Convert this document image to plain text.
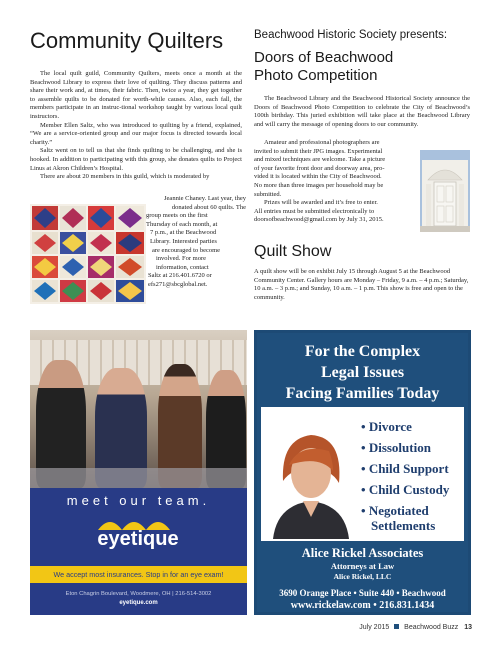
Community Quilters

The local quilt guild, Community Quilters, meets once a month at the Beachwood Library to express their love of quilting. They discuss patterns and share their work and, at times, their fabric. Then, twice a year, they get together to assemble quilts to be donated for worth-while causes. Also, each fall, the members participate in an instruc-tional workshop taught by various local quilt instructors.

Member Ellen Saltz, who was introduced to quilting by a friend, explained, “We are a service-oriented group and our major focus is directed towards local charity.”

Saltz went on to tell us that she finds quilting to be challenging, and she is hooked. In addition to participating with this group, she donates quilts to Project Linus at Akron Children’s Hospital.

There are about 20 members in this guild, which is moderated by

Jeannie Chaney. Last year, they
donated about 60 quilts. The
group meets on the first
Thursday of each month, at
7 p.m., at the Beachwood
Library. Interested parties
are encouraged to become
involved. For more
information, contact
Saltz at 216.401.6720 or
efs271@sbcglobal.net.
Beachwood Historic Society presents:
Doors of Beachwood
Photo Competition

The Beachwood Library and the Beachwood Historical Society announce the Doors of Beachwood Photo Competition to celebrate the City of Beachwood’s 100th birthday. This juried exhibition will take place at the Beachwood Library and will carry the message of opening doors to our community.

Amateur and professional photographers are
invited to submit their JPG images. Experimental
and mixed techniques are welcome. Take a picture
of your favorite front door and doorway area, pro-
vided it is located within the City of Beachwood.
No more than three images per household may be
submitted.
Prizes will be awarded and it’s free to enter.
All entries must be submitted electronically to
doorsofbeachwood@gmail.com by July 31, 2015.
Quilt Show

A quilt show will be on exhibit July 15 through August 5 at the Beachwood Community Center. Gallery hours are Monday – Friday, 9 a.m. – 4 p.m.; Saturday, 10 a.m. – 3 p.m.; and Sunday, 10 a.m. – 1 p.m. This show is free and open to the community.

meet our team.
eyetique
We accept most insurances. Stop in for an eye exam!
Eton Chagrin Boulevard, Woodmere, OH | 216-514-3002
eyetique.com
For the Complex
Legal Issues
Facing Families Today
• Divorce
• Dissolution
• Child Support
• Child Custody
• Negotiated Settlements
Alice Rickel Associates
Attorneys at Law
Alice Rickel, LLC
3690 Orange Place • Suite 440 • Beachwood
www.rickelaw.com • 216.831.1434
July 2015 Beachwood Buzz 13
